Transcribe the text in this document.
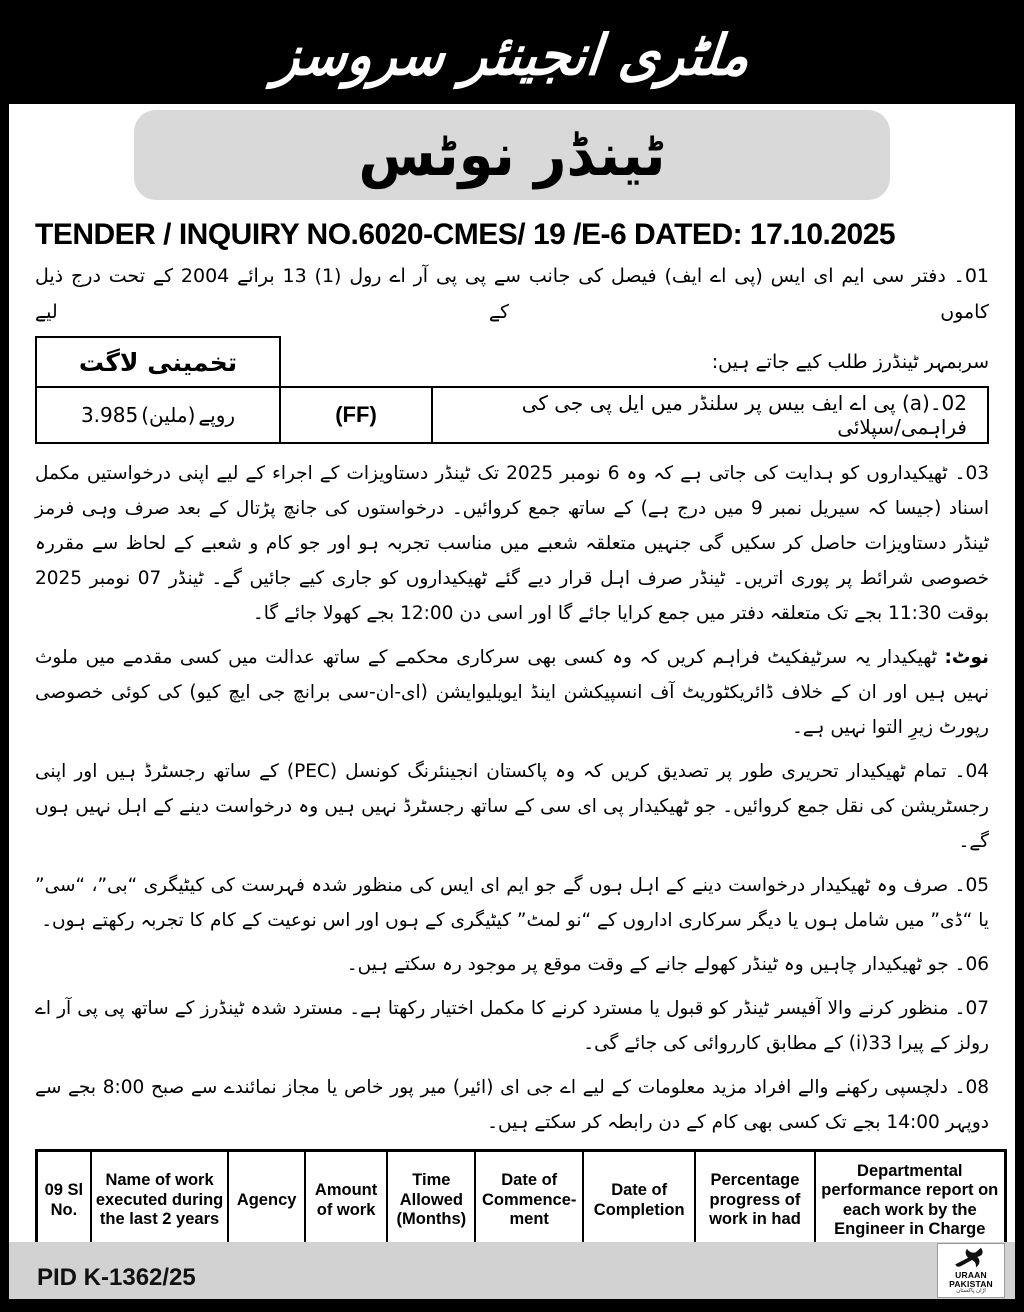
ملٹری انجینئر سروسز
ٹینڈر نوٹس
TENDER / INQUIRY NO.6020-CMES/ 19 /E-6 DATED: 17.10.2025
01۔ دفتر سی ایم ای ایس (پی اے ایف) فیصل کی جانب سے پی پی آر اے رول (1) 13 برائے 2004 کے تحت درج ذیل کاموں کے لیے
تخمینی لاگت	سربمہر ٹینڈرز طلب کیے جاتے ہیں:
3.985 (ملین) روپے	(FF)	02۔(a) پی اے ایف بیس پر سلنڈر میں ایل پی جی کی فراہمی/سپلائی

03۔ ٹھیکیداروں کو ہدایت کی جاتی ہے کہ وہ 6 نومبر 2025 تک ٹینڈر دستاویزات کے اجراء کے لیے اپنی درخواستیں مکمل اسناد (جیسا کہ سیریل نمبر 9 میں درج ہے) کے ساتھ جمع کروائیں۔ درخواستوں کی جانچ پڑتال کے بعد صرف وہی فرمز ٹینڈر دستاویزات حاصل کر سکیں گی جنہیں متعلقہ شعبے میں مناسب تجربہ ہو اور جو کام و شعبے کے لحاظ سے مقررہ خصوصی شرائط پر پوری اتریں۔ ٹینڈر صرف اہل قرار دیے گئے ٹھیکیداروں کو جاری کیے جائیں گے۔ ٹینڈر 07 نومبر 2025 بوقت 11:30 بجے تک متعلقہ دفتر میں جمع کرایا جائے گا اور اسی دن 12:00 بجے کھولا جائے گا۔

نوٹ: ٹھیکیدار یہ سرٹیفکیٹ فراہم کریں کہ وہ کسی بھی سرکاری محکمے کے ساتھ عدالت میں کسی مقدمے میں ملوث نہیں ہیں اور ان کے خلاف ڈائریکٹوریٹ آف انسپیکشن اینڈ ایویلیوایشن (ای-ان-سی برانچ جی ایچ کیو) کی کوئی خصوصی رپورٹ زیرِ التوا نہیں ہے۔

04۔ تمام ٹھیکیدار تحریری طور پر تصدیق کریں کہ وہ پاکستان انجینئرنگ کونسل (PEC) کے ساتھ رجسٹرڈ ہیں اور اپنی رجسٹریشن کی نقل جمع کروائیں۔ جو ٹھیکیدار پی ای سی کے ساتھ رجسٹرڈ نہیں ہیں وہ درخواست دینے کے اہل نہیں ہوں گے۔

05۔ صرف وہ ٹھیکیدار درخواست دینے کے اہل ہوں گے جو ایم ای ایس کی منظور شدہ فہرست کی کیٹیگری “بی”، “سی” یا “ڈی” میں شامل ہوں یا دیگر سرکاری اداروں کے “نو لمٹ” کیٹیگری کے ہوں اور اس نوعیت کے کام کا تجربہ رکھتے ہوں۔

06۔ جو ٹھیکیدار چاہیں وہ ٹینڈر کھولے جانے کے وقت موقع پر موجود رہ سکتے ہیں۔

07۔ منظور کرنے والا آفیسر ٹینڈر کو قبول یا مسترد کرنے کا مکمل اختیار رکھتا ہے۔ مسترد شدہ ٹینڈرز کے ساتھ پی پی آر اے رولز کے پیرا 33(i) کے مطابق کارروائی کی جائے گی۔

08۔ دلچسپی رکھنے والے افراد مزید معلومات کے لیے اے جی ای (ائیر) میر پور خاص یا مجاز نمائندے سے صبح 8:00 بجے سے دوپہر 14:00 بجے تک کسی بھی کام کے دن رابطہ کر سکتے ہیں۔

09 Sl No.	Name of work executed during the last 2 years	Agency	Amount of work	Time Allowed (Months)	Date of Commence- ment	Date of Completion	Percentage progress of work in had	Departmental performance report on each work by the Engineer in Charge
PID K-1362/25	URAAN
PAKISTAN
اڑان پاکستان
